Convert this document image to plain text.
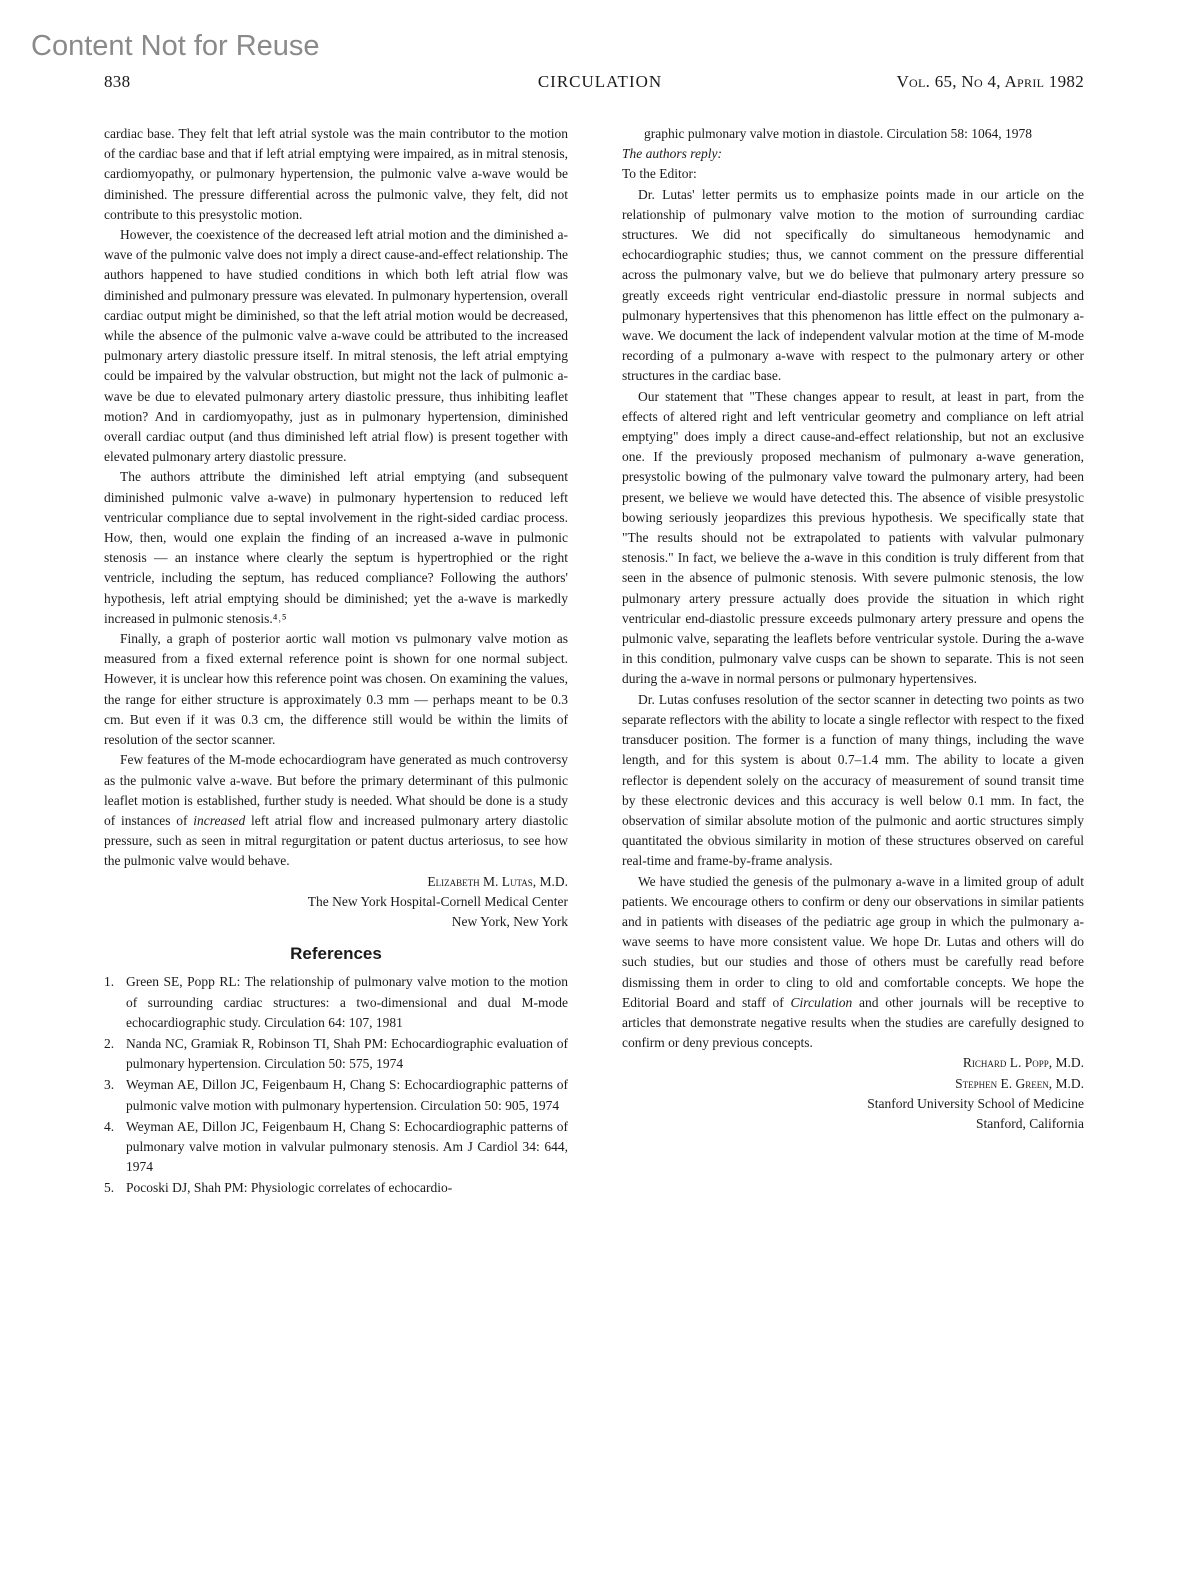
Content Not for Reuse
CIRCULATION
838	Vol. 65, No 4, April 1982

cardiac base. They felt that left atrial systole was the main contributor to the motion of the cardiac base and that if left atrial emptying were impaired, as in mitral stenosis, cardiomyopathy, or pulmonary hypertension, the pulmonic valve a-wave would be diminished. The pressure differential across the pulmonic valve, they felt, did not contribute to this presystolic motion.

However, the coexistence of the decreased left atrial motion and the diminished a-wave of the pulmonic valve does not imply a direct cause-and-effect relationship. The authors happened to have studied conditions in which both left atrial flow was diminished and pulmonary pressure was elevated. In pulmonary hypertension, overall cardiac output might be diminished, so that the left atrial motion would be decreased, while the absence of the pulmonic valve a-wave could be attributed to the increased pulmonary artery diastolic pressure itself. In mitral stenosis, the left atrial emptying could be impaired by the valvular obstruction, but might not the lack of pulmonic a-wave be due to elevated pulmonary artery diastolic pressure, thus inhibiting leaflet motion? And in cardiomyopathy, just as in pulmonary hypertension, diminished overall cardiac output (and thus diminished left atrial flow) is present together with elevated pulmonary artery diastolic pressure.

The authors attribute the diminished left atrial emptying (and subsequent diminished pulmonic valve a-wave) in pulmonary hypertension to reduced left ventricular compliance due to septal involvement in the right-sided cardiac process. How, then, would one explain the finding of an increased a-wave in pulmonic stenosis — an instance where clearly the septum is hypertrophied or the right ventricle, including the septum, has reduced compliance? Following the authors' hypothesis, left atrial emptying should be diminished; yet the a-wave is markedly increased in pulmonic stenosis.⁴˒⁵

Finally, a graph of posterior aortic wall motion vs pulmonary valve motion as measured from a fixed external reference point is shown for one normal subject. However, it is unclear how this reference point was chosen. On examining the values, the range for either structure is approximately 0.3 mm — perhaps meant to be 0.3 cm. But even if it was 0.3 cm, the difference still would be within the limits of resolution of the sector scanner.

Few features of the M-mode echocardiogram have generated as much controversy as the pulmonic valve a-wave. But before the primary determinant of this pulmonic leaflet motion is established, further study is needed. What should be done is a study of instances of increased left atrial flow and increased pulmonary artery diastolic pressure, such as seen in mitral regurgitation or patent ductus arteriosus, to see how the pulmonic valve would behave.

Elizabeth M. Lutas, M.D.
The New York Hospital-Cornell Medical Center
New York, New York

References
1. Green SE, Popp RL: The relationship of pulmonary valve motion to the motion of surrounding cardiac structures: a two-dimensional and dual M-mode echocardiographic study. Circulation 64: 107, 1981
2. Nanda NC, Gramiak R, Robinson TI, Shah PM: Echocardiographic evaluation of pulmonary hypertension. Circulation 50: 575, 1974
3. Weyman AE, Dillon JC, Feigenbaum H, Chang S: Echocardiographic patterns of pulmonic valve motion with pulmonary hypertension. Circulation 50: 905, 1974
4. Weyman AE, Dillon JC, Feigenbaum H, Chang S: Echocardiographic patterns of pulmonary valve motion in valvular pulmonary stenosis. Am J Cardiol 34: 644, 1974
5. Pocoski DJ, Shah PM: Physiologic correlates of echocardio-

graphic pulmonary valve motion in diastole. Circulation 58: 1064, 1978

The authors reply:

To the Editor:

Dr. Lutas' letter permits us to emphasize points made in our article on the relationship of pulmonary valve motion to the motion of surrounding cardiac structures. We did not specifically do simultaneous hemodynamic and echocardiographic studies; thus, we cannot comment on the pressure differential across the pulmonary valve, but we do believe that pulmonary artery pressure so greatly exceeds right ventricular end-diastolic pressure in normal subjects and pulmonary hypertensives that this phenomenon has little effect on the pulmonary a-wave. We document the lack of independent valvular motion at the time of M-mode recording of a pulmonary a-wave with respect to the pulmonary artery or other structures in the cardiac base.

Our statement that "These changes appear to result, at least in part, from the effects of altered right and left ventricular geometry and compliance on left atrial emptying" does imply a direct cause-and-effect relationship, but not an exclusive one. If the previously proposed mechanism of pulmonary a-wave generation, presystolic bowing of the pulmonary valve toward the pulmonary artery, had been present, we believe we would have detected this. The absence of visible presystolic bowing seriously jeopardizes this previous hypothesis. We specifically state that "The results should not be extrapolated to patients with valvular pulmonary stenosis." In fact, we believe the a-wave in this condition is truly different from that seen in the absence of pulmonic stenosis. With severe pulmonic stenosis, the low pulmonary artery pressure actually does provide the situation in which right ventricular end-diastolic pressure exceeds pulmonary artery pressure and opens the pulmonic valve, separating the leaflets before ventricular systole. During the a-wave in this condition, pulmonary valve cusps can be shown to separate. This is not seen during the a-wave in normal persons or pulmonary hypertensives.

Dr. Lutas confuses resolution of the sector scanner in detecting two points as two separate reflectors with the ability to locate a single reflector with respect to the fixed transducer position. The former is a function of many things, including the wave length, and for this system is about 0.7–1.4 mm. The ability to locate a given reflector is dependent solely on the accuracy of measurement of sound transit time by these electronic devices and this accuracy is well below 0.1 mm. In fact, the observation of similar absolute motion of the pulmonic and aortic structures simply quantitated the obvious similarity in motion of these structures observed on careful real-time and frame-by-frame analysis.

We have studied the genesis of the pulmonary a-wave in a limited group of adult patients. We encourage others to confirm or deny our observations in similar patients and in patients with diseases of the pediatric age group in which the pulmonary a-wave seems to have more consistent value. We hope Dr. Lutas and others will do such studies, but our studies and those of others must be carefully read before dismissing them in order to cling to old and comfortable concepts. We hope the Editorial Board and staff of Circulation and other journals will be receptive to articles that demonstrate negative results when the studies are carefully designed to confirm or deny previous concepts.

Richard L. Popp, M.D.
Stephen E. Green, M.D.
Stanford University School of Medicine
Stanford, California
